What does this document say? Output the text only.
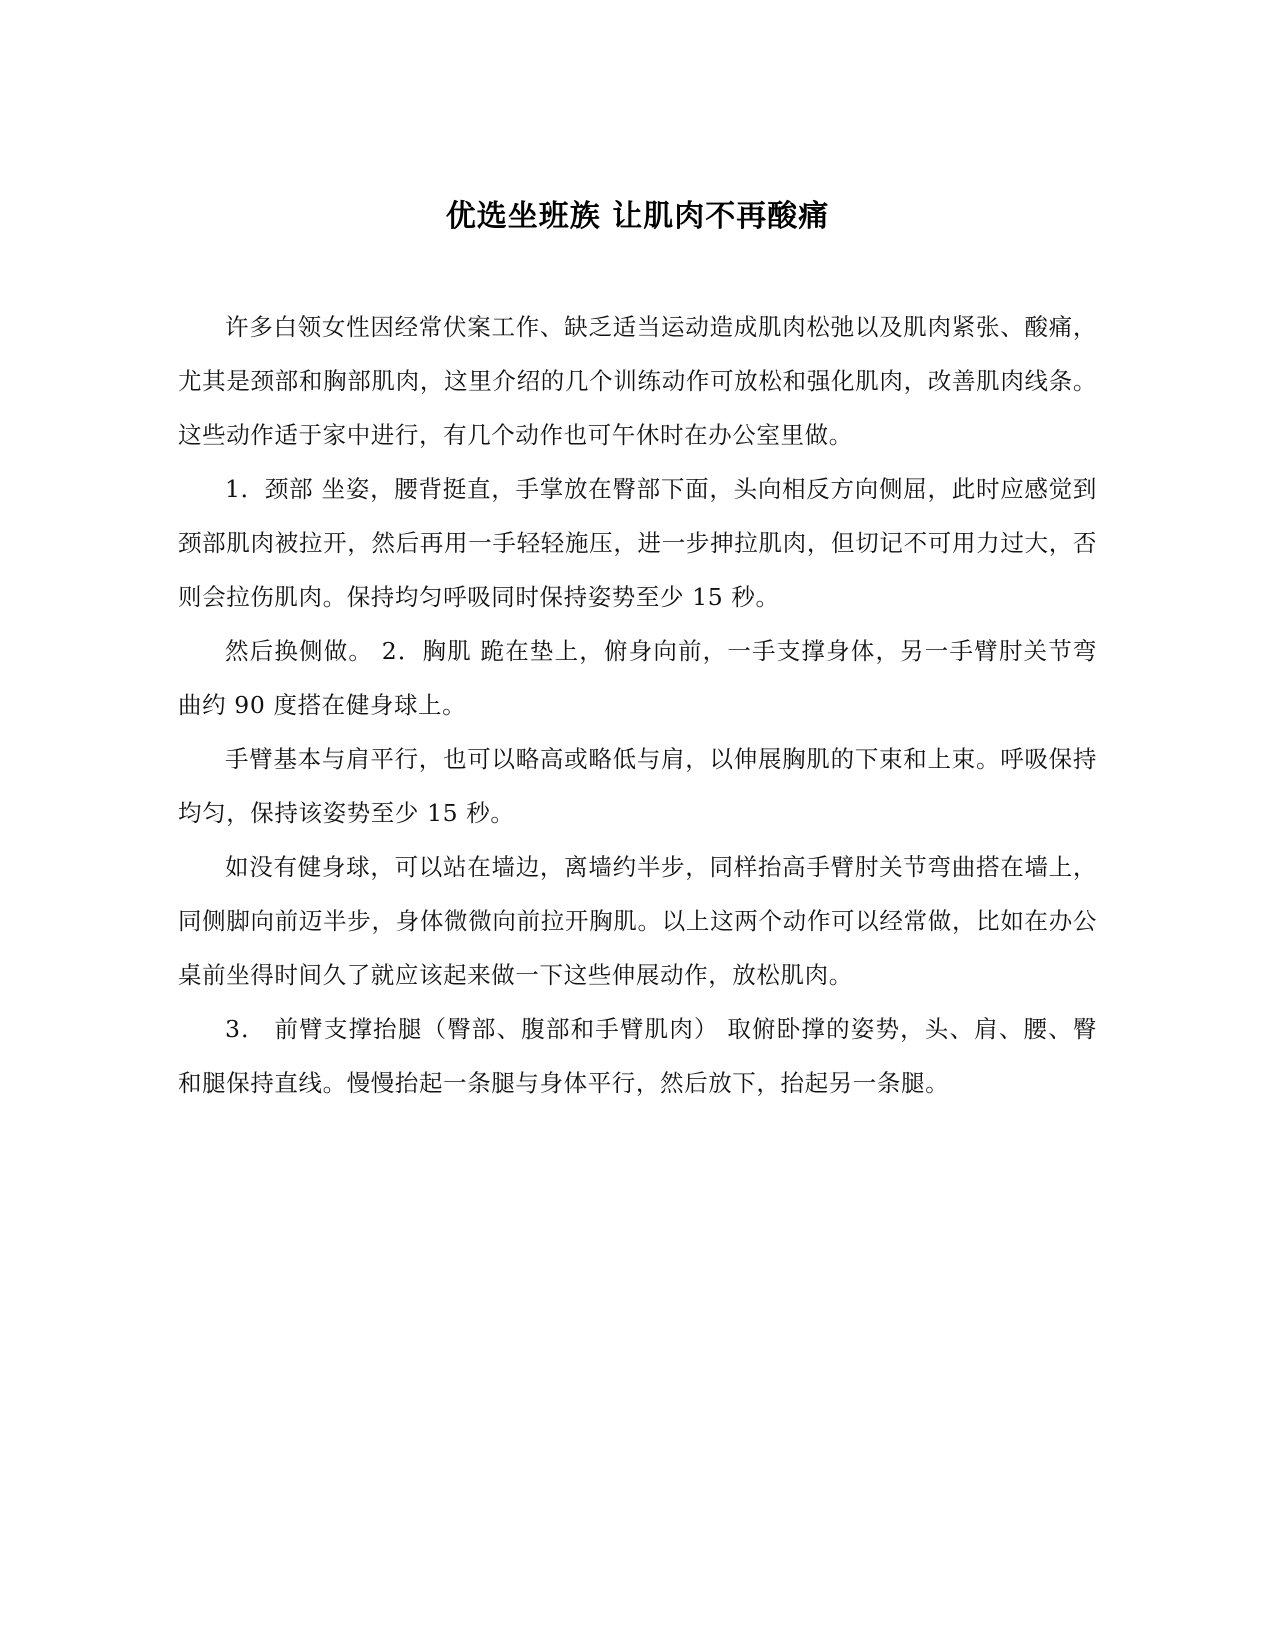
优选坐班族 让肌肉不再酸痛

许多白领女性因经常伏案工作、缺乏适当运动造成肌肉松弛以及肌肉紧张、酸痛，尤其是颈部和胸部肌肉，这里介绍的几个训练动作可放松和强化肌肉，改善肌肉线条。这些动作适于家中进行，有几个动作也可午休时在办公室里做。

1．颈部 坐姿，腰背挺直，手掌放在臀部下面，头向相反方向侧屈，此时应感觉到颈部肌肉被拉开，然后再用一手轻轻施压，进一步抻拉肌肉，但切记不可用力过大，否则会拉伤肌肉。保持均匀呼吸同时保持姿势至少 15 秒。

然后换侧做。 2．胸肌 跪在垫上，俯身向前，一手支撑身体，另一手臂肘关节弯曲约 90 度搭在健身球上。

手臂基本与肩平行，也可以略高或略低与肩，以伸展胸肌的下束和上束。呼吸保持均匀，保持该姿势至少 15 秒。

如没有健身球，可以站在墙边，离墙约半步，同样抬高手臂肘关节弯曲搭在墙上，同侧脚向前迈半步，身体微微向前拉开胸肌。以上这两个动作可以经常做，比如在办公桌前坐得时间久了就应该起来做一下这些伸展动作，放松肌肉。

3． 前臂支撑抬腿（臀部、腹部和手臂肌肉） 取俯卧撑的姿势，头、肩、腰、臀和腿保持直线。慢慢抬起一条腿与身体平行，然后放下，抬起另一条腿。
